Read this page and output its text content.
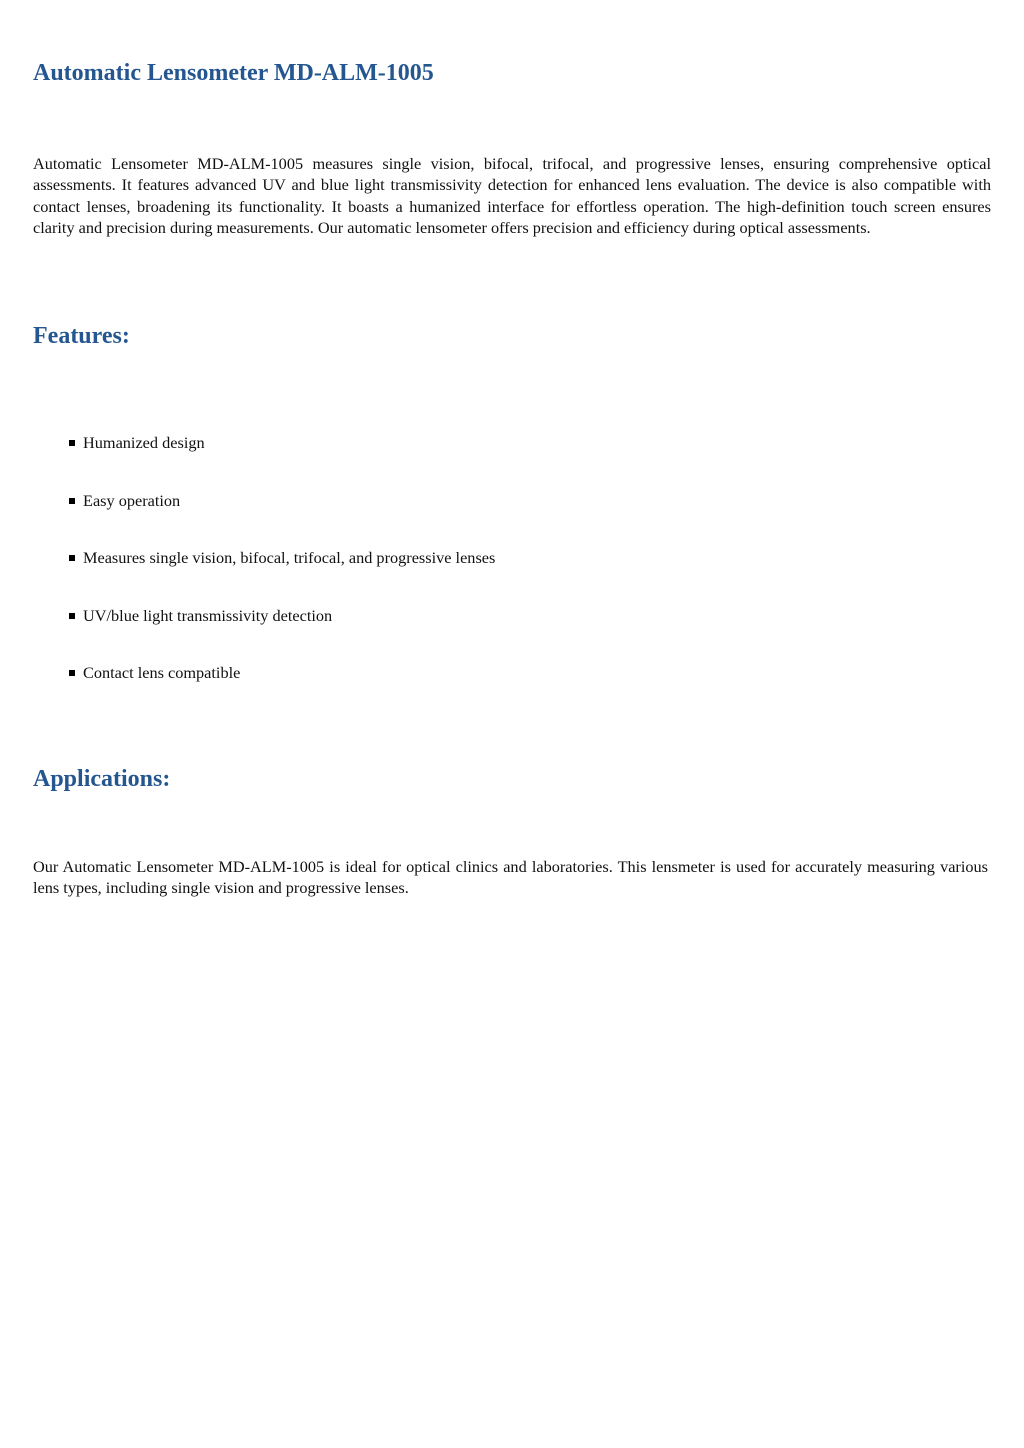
Automatic Lensometer MD-ALM-1005

Automatic Lensometer MD-ALM-1005 measures single vision, bifocal, trifocal, and progressive lenses, ensuring comprehensive optical assessments. It features advanced UV and blue light transmissivity detection for enhanced lens evaluation. The device is also compatible with contact lenses, broadening its functionality. It boasts a humanized interface for effortless operation. The high-definition touch screen ensures clarity and precision during measurements. Our automatic lensometer offers precision and efficiency during optical assessments.

Features:
Humanized design
Easy operation
Measures single vision, bifocal, trifocal, and progressive lenses
UV/blue light transmissivity detection
Contact lens compatible
Applications:

Our Automatic Lensometer MD-ALM-1005 is ideal for optical clinics and laboratories. This lensmeter is used for accurately measuring various lens types, including single vision and progressive lenses.
